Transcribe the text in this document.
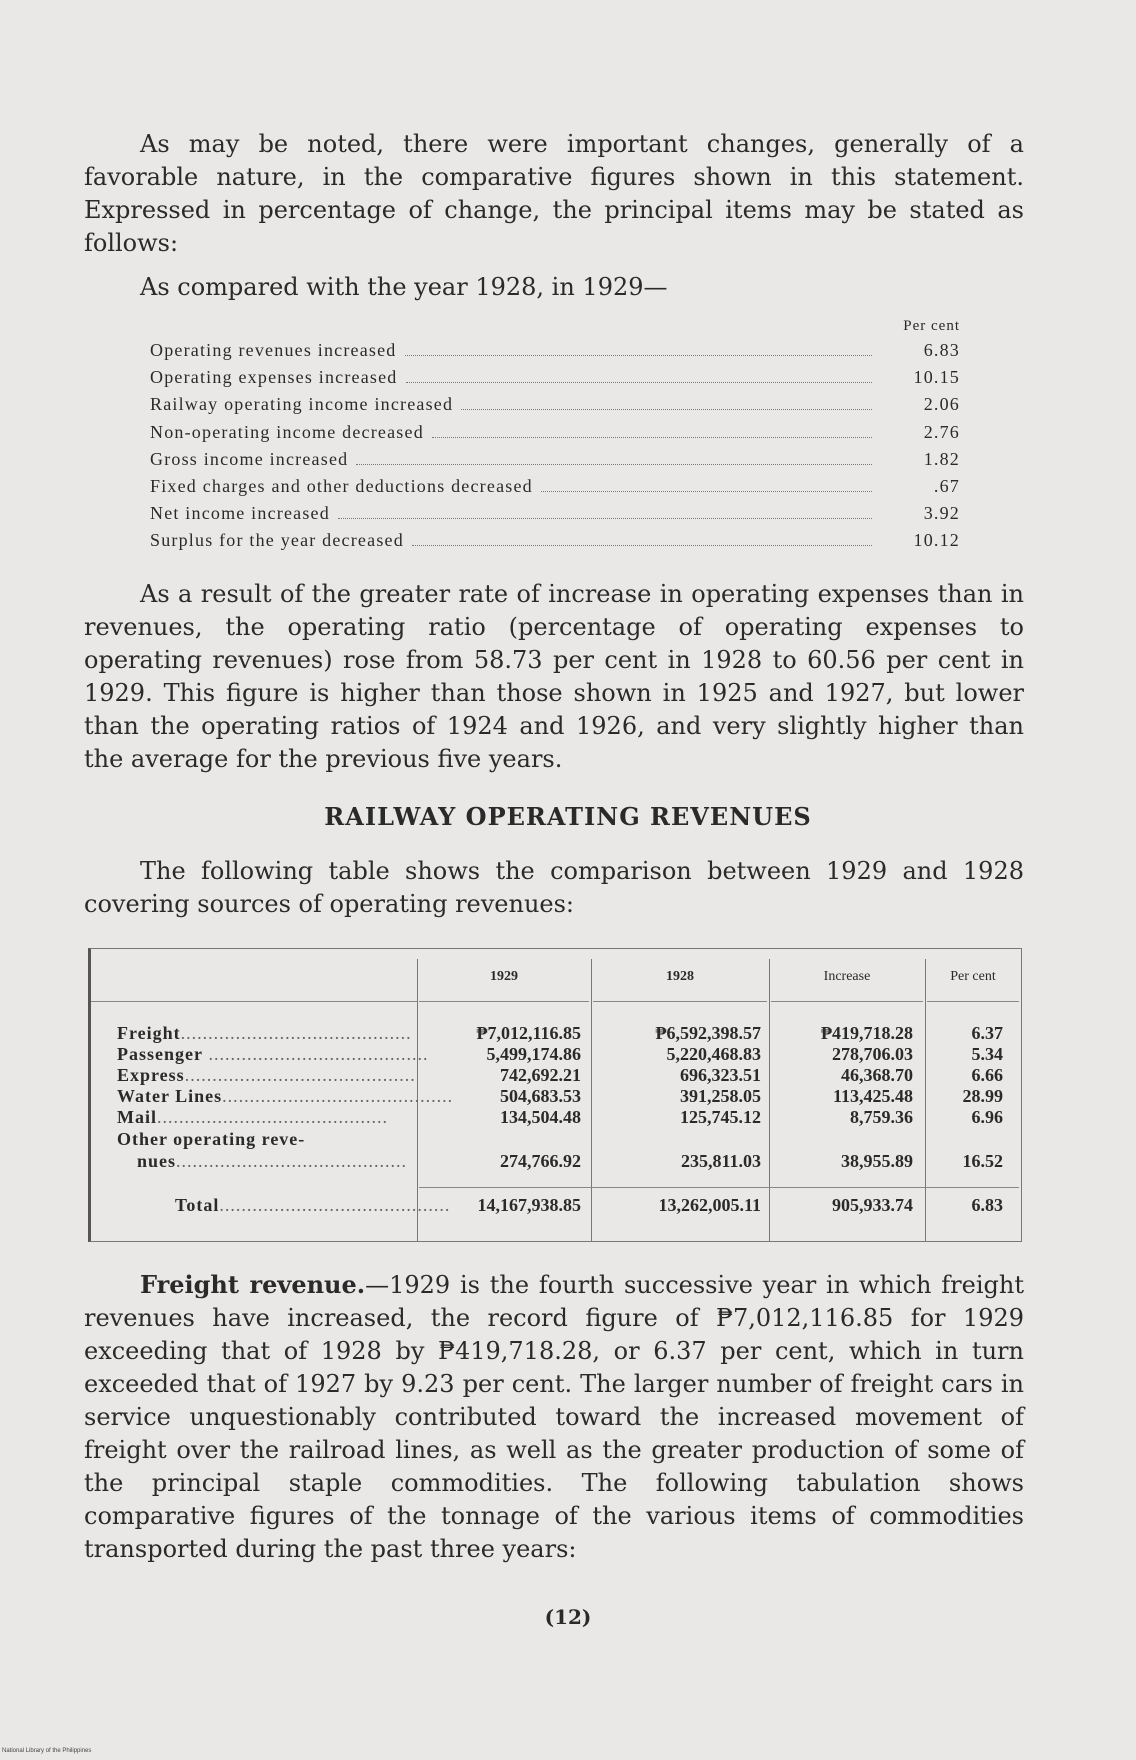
As may be noted, there were important changes, generally of a favorable nature, in the comparative figures shown in this statement. Expressed in percentage of change, the principal items may be stated as follows:

As compared with the year 1928, in 1929—
Per cent
Operating revenues increased	6.83
Operating expenses increased	10.15
Railway operating income increased	2.06
Non-operating income decreased	2.76
Gross income increased	1.82
Fixed charges and other deductions decreased	.67
Net income increased	3.92
Surplus for the year decreased	10.12

As a result of the greater rate of increase in operating expenses than in revenues, the operating ratio (percentage of operating expenses to operating revenues) rose from 58.73 per cent in 1928 to 60.56 per cent in 1929. This figure is higher than those shown in 1925 and 1927, but lower than the operating ratios of 1924 and 1926, and very slightly higher than the average for the previous five years.

RAILWAY OPERATING REVENUES

The following table shows the comparison between 1929 and 1928 covering sources of operating revenues:

1929	1928	Increase	Per cent
Freight..........................................	₱7,012,116.85	₱6,592,398.57	₱419,718.28	6.37
Passenger ........................................	5,499,174.86	5,220,468.83	278,706.03	5.34
Express..........................................	742,692.21	696,323.51	46,368.70	6.66
Water Lines..........................................	504,683.53	391,258.05	113,425.48	28.99
Mail..........................................	134,504.48	125,745.12	8,759.36	6.96
Other operating reve-
nues..........................................	274,766.92	235,811.03	38,955.89	16.52
Total..........................................	14,167,938.85	13,262,005.11	905,933.74	6.83

Freight revenue.—1929 is the fourth successive year in which freight revenues have increased, the record figure of ₱7,012,116.85 for 1929 exceeding that of 1928 by ₱419,718.28, or 6.37 per cent, which in turn exceeded that of 1927 by 9.23 per cent. The larger number of freight cars in service unquestionably contributed toward the increased movement of freight over the railroad lines, as well as the greater production of some of the principal staple commodities. The following tabulation shows comparative figures of the tonnage of the various items of commodities transported during the past three years:

(12)
National Library of the Philippines
